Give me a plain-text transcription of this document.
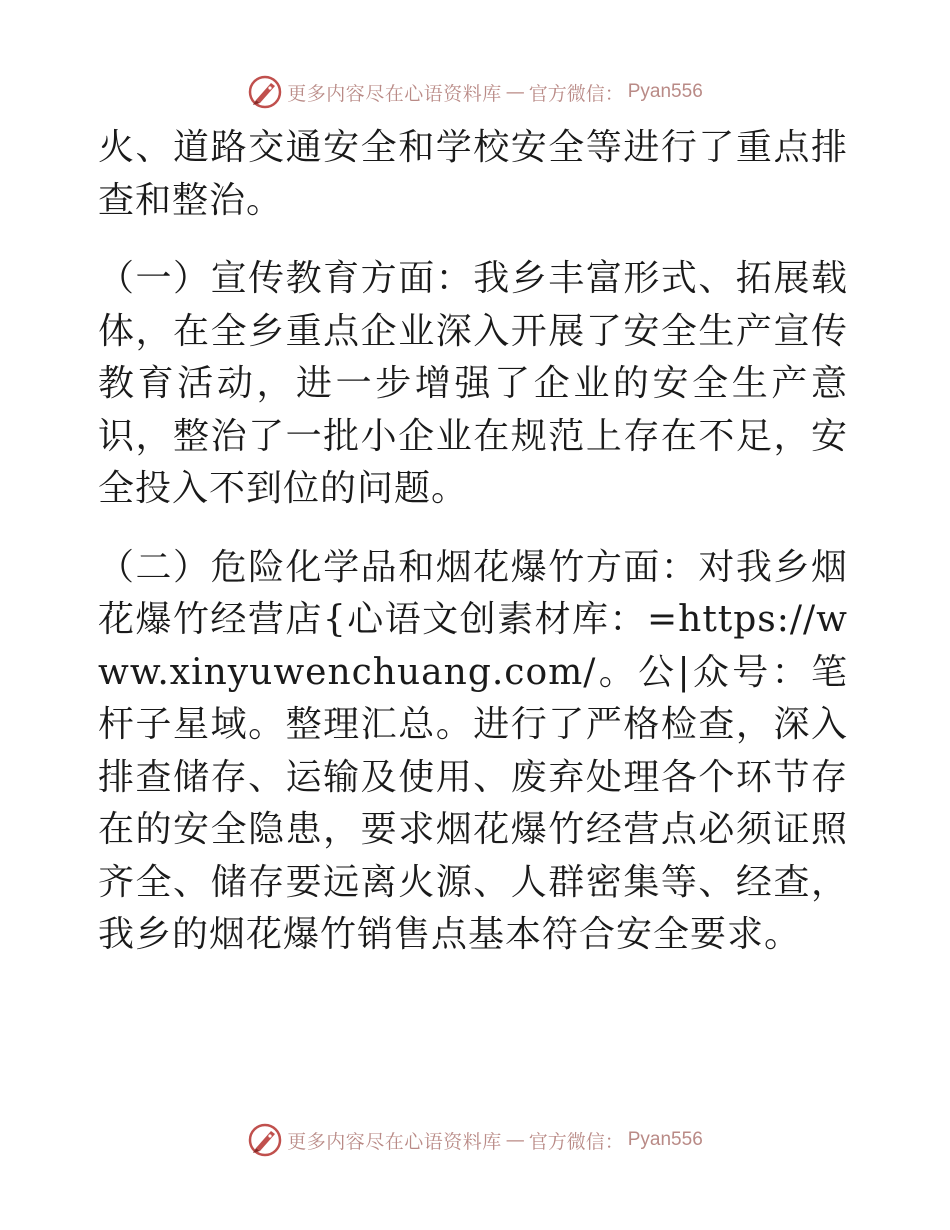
更多内容尽在心语资料库 — 官方微信： Pyan556

火、道路交通安全和学校安全等进行了重点排查和整治。

（一）宣传教育方面：我乡丰富形式、拓展载体，在全乡重点企业深入开展了安全生产宣传教育活动，进一步增强了企业的安全生产意识，整治了一批小企业在规范上存在不足，安全投入不到位的问题。

（二）危险化学品和烟花爆竹方面：对我乡烟花爆竹经营店{心语文创素材库：=https://www.xinyuwenchuang.com/。公|众号：笔杆子星域。整理汇总。进行了严格检查，深入排查储存、运输及使用、废弃处理各个环节存在的安全隐患，要求烟花爆竹经营点必须证照齐全、储存要远离火源、人群密集等、经查，我乡的烟花爆竹销售点基本符合安全要求。

更多内容尽在心语资料库 — 官方微信： Pyan556
